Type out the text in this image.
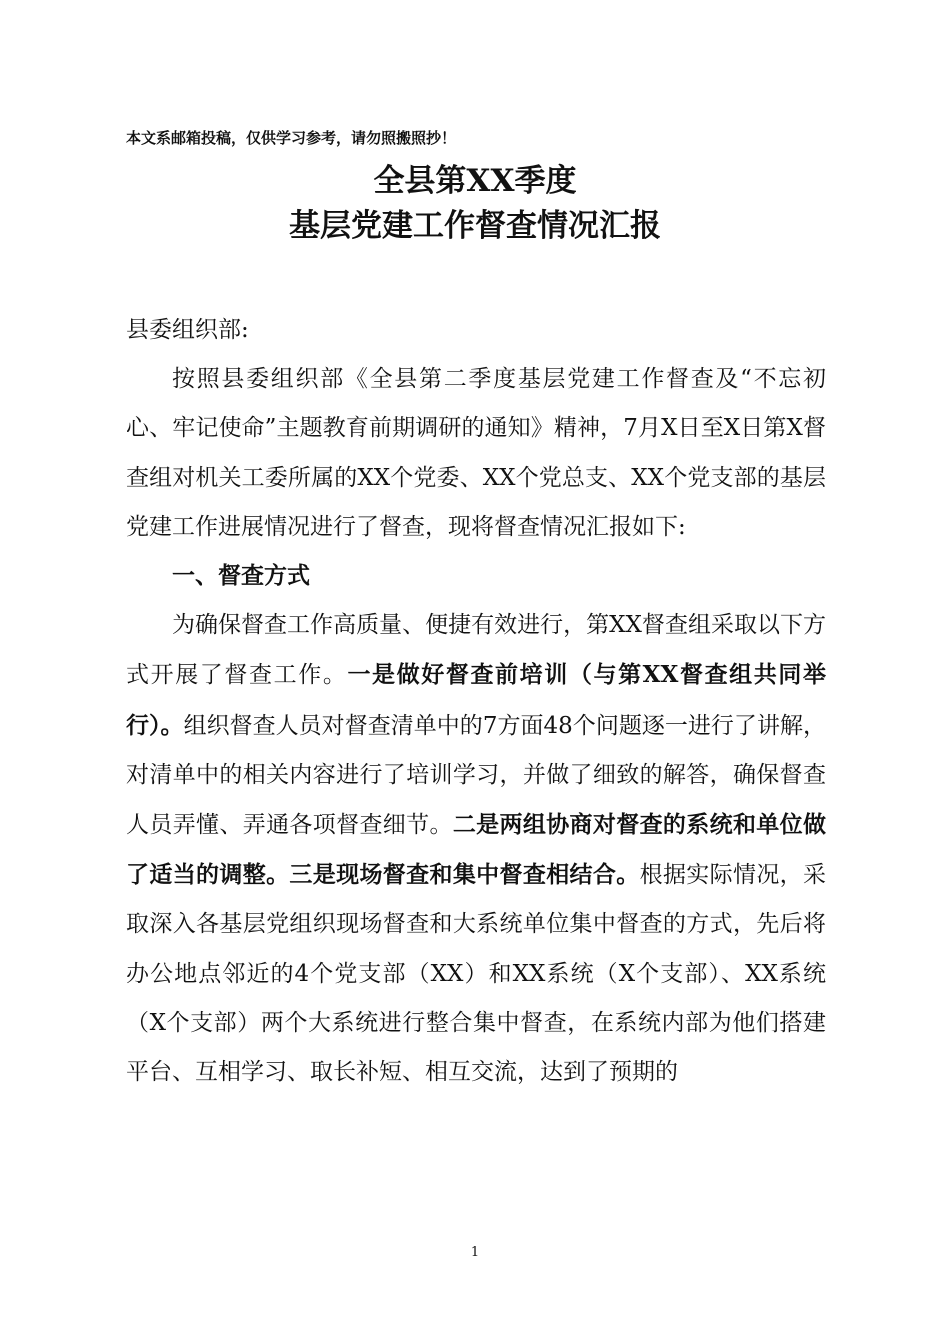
本文系邮箱投稿，仅供学习参考，请勿照搬照抄！
全县第XX季度
基层党建工作督查情况汇报

县委组织部:

按照县委组织部《全县第二季度基层党建工作督查及“不忘初心、牢记使命”主题教育前期调研的通知》精神，7月X日至X日第X督查组对机关工委所属的XX个党委、XX个党总支、XX个党支部的基层党建工作进展情况进行了督查，现将督查情况汇报如下:

一、督查方式

为确保督查工作高质量、便捷有效进行，第XX督查组采取以下方式开展了督查工作。一是做好督查前培训（与第XX督查组共同举行）。组织督查人员对督查清单中的7方面48个问题逐一进行了讲解，对清单中的相关内容进行了培训学习，并做了细致的解答，确保督查人员弄懂、弄通各项督查细节。二是两组协商对督查的系统和单位做了适当的调整。三是现场督查和集中督查相结合。根据实际情况，采取深入各基层党组织现场督查和大系统单位集中督查的方式，先后将办公地点邻近的4个党支部（XX）和XX系统（X个支部）、XX系统（X个支部）两个大系统进行整合集中督查，在系统内部为他们搭建平台、互相学习、取长补短、相互交流，达到了预期的

1
